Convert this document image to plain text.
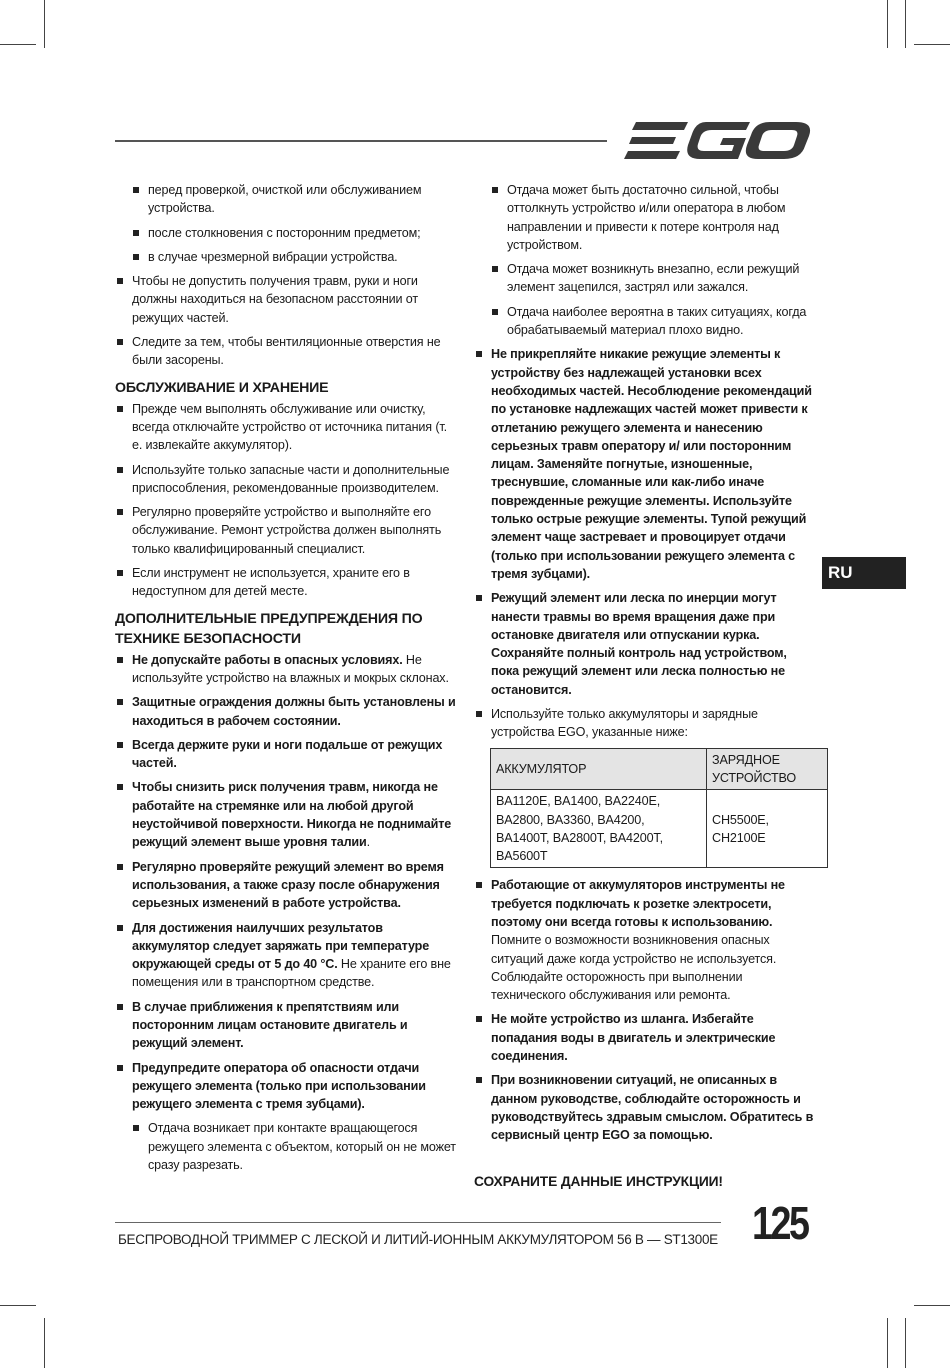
перед проверкой, очисткой или обслуживанием устройства.
после столкновения с посторонним предметом;
в случае чрезмерной вибрации устройства.
Чтобы не допустить получения травм, руки и ноги должны находиться на безопасном расстоянии от режущих частей.
Следите за тем, чтобы вентиляционные отверстия не были засорены.
ОБСЛУЖИВАНИЕ И ХРАНЕНИЕ
Прежде чем выполнять обслуживание или очистку, всегда отключайте устройство от источника питания (т. е. извлекайте аккумулятор).
Используйте только запасные части и дополнительные приспособления, рекомендованные производителем.
Регулярно проверяйте устройство и выполняйте его обслуживание. Ремонт устройства должен выполнять только квалифицированный специалист.
Если инструмент не используется, храните его в недоступном для детей месте.
ДОПОЛНИТЕЛЬНЫЕ ПРЕДУПРЕЖДЕНИЯ ПО ТЕХНИКЕ БЕЗОПАСНОСТИ
Не допускайте работы в опасных условиях. Не используйте устройство на влажных и мокрых склонах.
Защитные ограждения должны быть установлены и находиться в рабочем состоянии.
Всегда держите руки и ноги подальше от режущих частей.
Чтобы снизить риск получения травм, никогда не работайте на стремянке или на любой другой неустойчивой поверхности. Никогда не поднимайте режущий элемент выше уровня талии.
Регулярно проверяйте режущий элемент во время использования, а также сразу после обнаружения серьезных изменений в работе устройства.
Для достижения наилучших результатов аккумулятор следует заряжать при температуре окружающей среды от 5 до 40 °C. Не храните его вне помещения или в транспортном средстве.
В случае приближения к препятствиям или посторонним лицам остановите двигатель и режущий элемент.
Предупредите оператора об опасности отдачи режущего элемента (только при использовании режущего элемента с тремя зубцами).
Отдача возникает при контакте вращающегося режущего элемента с объектом, который он не может сразу разрезать.
Отдача может быть достаточно сильной, чтобы оттолкнуть устройство и/или оператора в любом направлении и привести к потере контроля над устройством.
Отдача может возникнуть внезапно, если режущий элемент зацепился, застрял или зажался.
Отдача наиболее вероятна в таких ситуациях, когда обрабатываемый материал плохо видно.
Не прикрепляйте никакие режущие элементы к устройству без надлежащей установки всех необходимых частей. Несоблюдение рекомендаций по установке надлежащих частей может привести к отлетанию режущего элемента и нанесению серьезных травм оператору и/ или посторонним лицам. Заменяйте погнутые, изношенные, треснувшие, сломанные или как-либо иначе поврежденные режущие элементы. Используйте только острые режущие элементы. Тупой режущий элемент чаще застревает и провоцирует отдачи (только при использовании режущего элемента с тремя зубцами).
Режущий элемент или леска по инерции могут нанести травмы во время вращения даже при остановке двигателя или отпускании курка. Сохраняйте полный контроль над устройством, пока режущий элемент или леска полностью не остановится.
Используйте только аккумуляторы и зарядные устройства EGO, указанные ниже:
АККУМУЛЯТОР	ЗАРЯДНОЕ УСТРОЙСТВО
BA1120E, BA1400, BA2240E, BA2800, BA3360, BA4200, BA1400T, BA2800T, BA4200T, BA5600T	CH5500E, CH2100E
Работающие от аккумуляторов инструменты не требуется подключать к розетке электросети, поэтому они всегда готовы к использованию. Помните о возможности возникновения опасных ситуаций даже когда устройство не используется. Соблюдайте осторожность при выполнении технического обслуживания или ремонта.
Не мойте устройство из шланга. Избегайте попадания воды в двигатель и электрические соединения.
При возникновении ситуаций, не описанных в данном руководстве, соблюдайте осторожность и руководствуйтесь здравым смыслом. Обратитесь в сервисный центр EGO за помощью.
СОХРАНИТЕ ДАННЫЕ ИНСТРУКЦИИ!
RU
БЕСПРОВОДНОЙ ТРИММЕР С ЛЕСКОЙ И ЛИТИЙ-ИОННЫМ АККУМУЛЯТОРОМ 56 В — ST1300E 125
